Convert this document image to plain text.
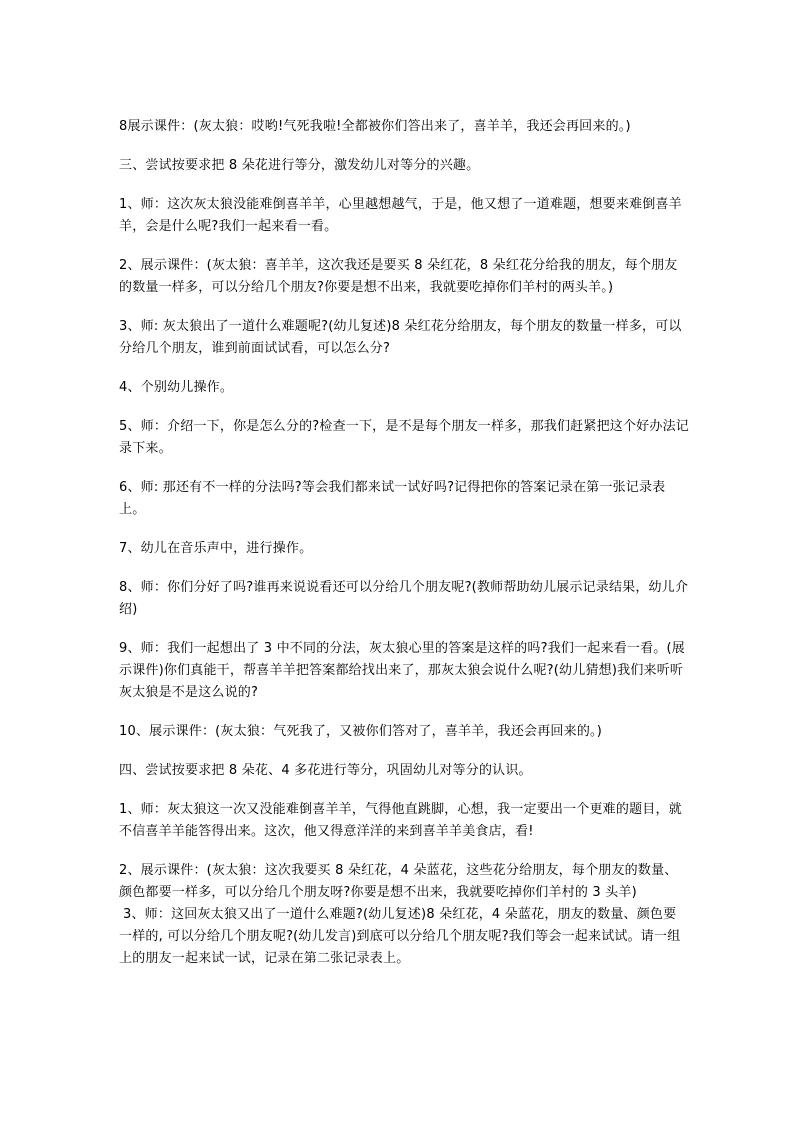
8展示课件：(灰太狼：哎哟!气死我啦!全都被你们答出来了，喜羊羊，我还会再回来的。)

三、尝试按要求把 8 朵花进行等分，激发幼儿对等分的兴趣。

1、师：这次灰太狼没能难倒喜羊羊，心里越想越气，于是，他又想了一道难题，想要来难倒喜羊羊，会是什么呢?我们一起来看一看。

2、展示课件：(灰太狼：喜羊羊，这次我还是要买 8 朵红花，8 朵红花分给我的朋友，每个朋友的数量一样多，可以分给几个朋友?你要是想不出来，我就要吃掉你们羊村的两头羊。)

3、师: 灰太狼出了一道什么难题呢?(幼儿复述)8 朵红花分给朋友，每个朋友的数量一样多，可以分给几个朋友，谁到前面试试看，可以怎么分?

4、个别幼儿操作。

5、师：介绍一下，你是怎么分的?检查一下，是不是每个朋友一样多，那我们赶紧把这个好办法记录下来。

6、师: 那还有不一样的分法吗?等会我们都来试一试好吗?记得把你的答案记录在第一张记录表上。

7、幼儿在音乐声中，进行操作。

8、师：你们分好了吗?谁再来说说看还可以分给几个朋友呢?(教师帮助幼儿展示记录结果，幼儿介绍)

9、师：我们一起想出了 3 中不同的分法，灰太狼心里的答案是这样的吗?我们一起来看一看。(展示课件)你们真能干，帮喜羊羊把答案都给找出来了，那灰太狼会说什么呢?(幼儿猜想)我们来听听灰太狼是不是这么说的?

10、展示课件：(灰太狼：气死我了，又被你们答对了，喜羊羊，我还会再回来的。)

四、尝试按要求把 8 朵花、4 多花进行等分，巩固幼儿对等分的认识。

1、师：灰太狼这一次又没能难倒喜羊羊，气得他直跳脚，心想，我一定要出一个更难的题目，就不信喜羊羊能答得出来。这次，他又得意洋洋的来到喜羊羊美食店，看!

2、展示课件：(灰太狼：这次我要买 8 朵红花，4 朵蓝花，这些花分给朋友，每个朋友的数量、颜色都要一样多，可以分给几个朋友呀?你要是想不出来，我就要吃掉你们羊村的 3 头羊)

3、师：这回灰太狼又出了一道什么难题?(幼儿复述)8 朵红花，4 朵蓝花，朋友的数量、颜色要一样的, 可以分给几个朋友呢?(幼儿发言)到底可以分给几个朋友呢?我们等会一起来试试。请一组上的朋友一起来试一试，记录在第二张记录表上。
